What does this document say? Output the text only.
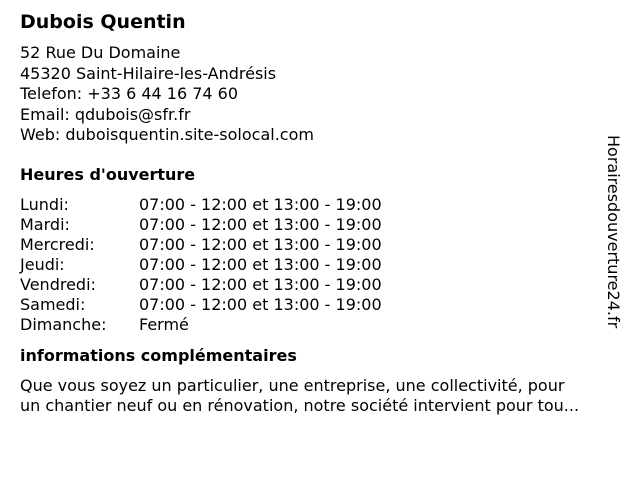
Dubois Quentin
52 Rue Du Domaine
45320 Saint-Hilaire-les-Andrésis
Telefon: +33 6 44 16 74 60
Email: qdubois@sfr.fr
Web: duboisquentin.site-solocal.com
Heures d'ouverture
Lundi:	07:00 - 12:00 et 13:00 - 19:00
Mardi:	07:00 - 12:00 et 13:00 - 19:00
Mercredi:	07:00 - 12:00 et 13:00 - 19:00
Jeudi:	07:00 - 12:00 et 13:00 - 19:00
Vendredi:	07:00 - 12:00 et 13:00 - 19:00
Samedi:	07:00 - 12:00 et 13:00 - 19:00
Dimanche: Fermé
informations complémentaires
Que vous soyez un particulier, une entreprise, une collectivité, pour
un chantier neuf ou en rénovation, notre société intervient pour tou...
Horairesdouverture24.fr
